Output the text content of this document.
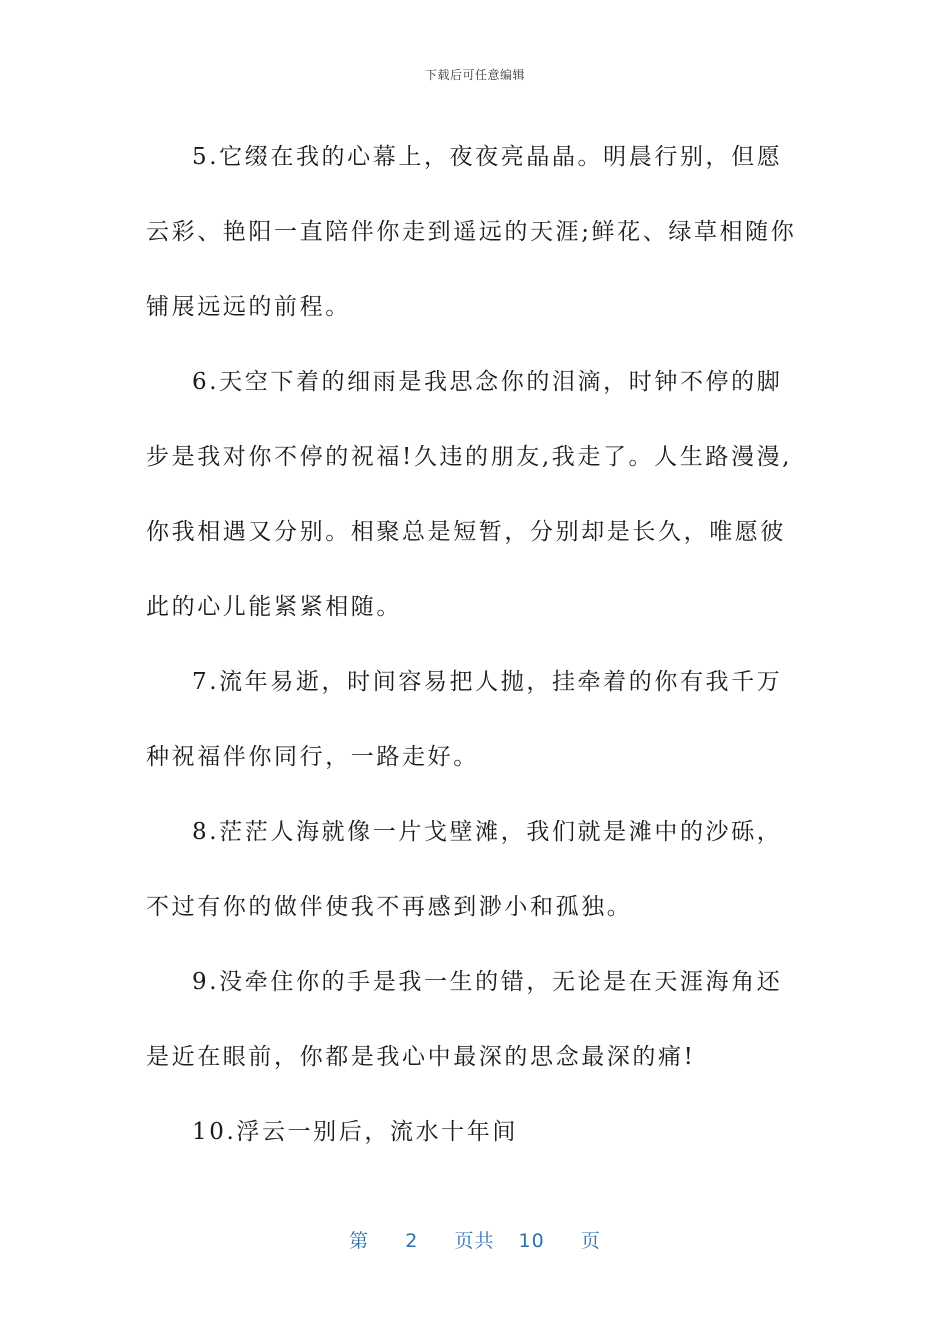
下载后可任意编辑

5.它缀在我的心幕上，夜夜亮晶晶。明晨行别，但愿云彩、艳阳一直陪伴你走到遥远的天涯;鲜花、绿草相随你铺展远远的前程。

6.天空下着的细雨是我思念你的泪滴，时钟不停的脚步是我对你不停的祝福!久违的朋友,我走了。人生路漫漫,你我相遇又分别。相聚总是短暂，分别却是长久，唯愿彼此的心儿能紧紧相随。

7.流年易逝，时间容易把人抛，挂牵着的你有我千万种祝福伴你同行，一路走好。

8.茫茫人海就像一片戈壁滩，我们就是滩中的沙砾，不过有你的做伴使我不再感到渺小和孤独。

9.没牵住你的手是我一生的错，无论是在天涯海角还是近在眼前，你都是我心中最深的思念最深的痛!

10.浮云一别后，流水十年间

第 2 页共 10 页
